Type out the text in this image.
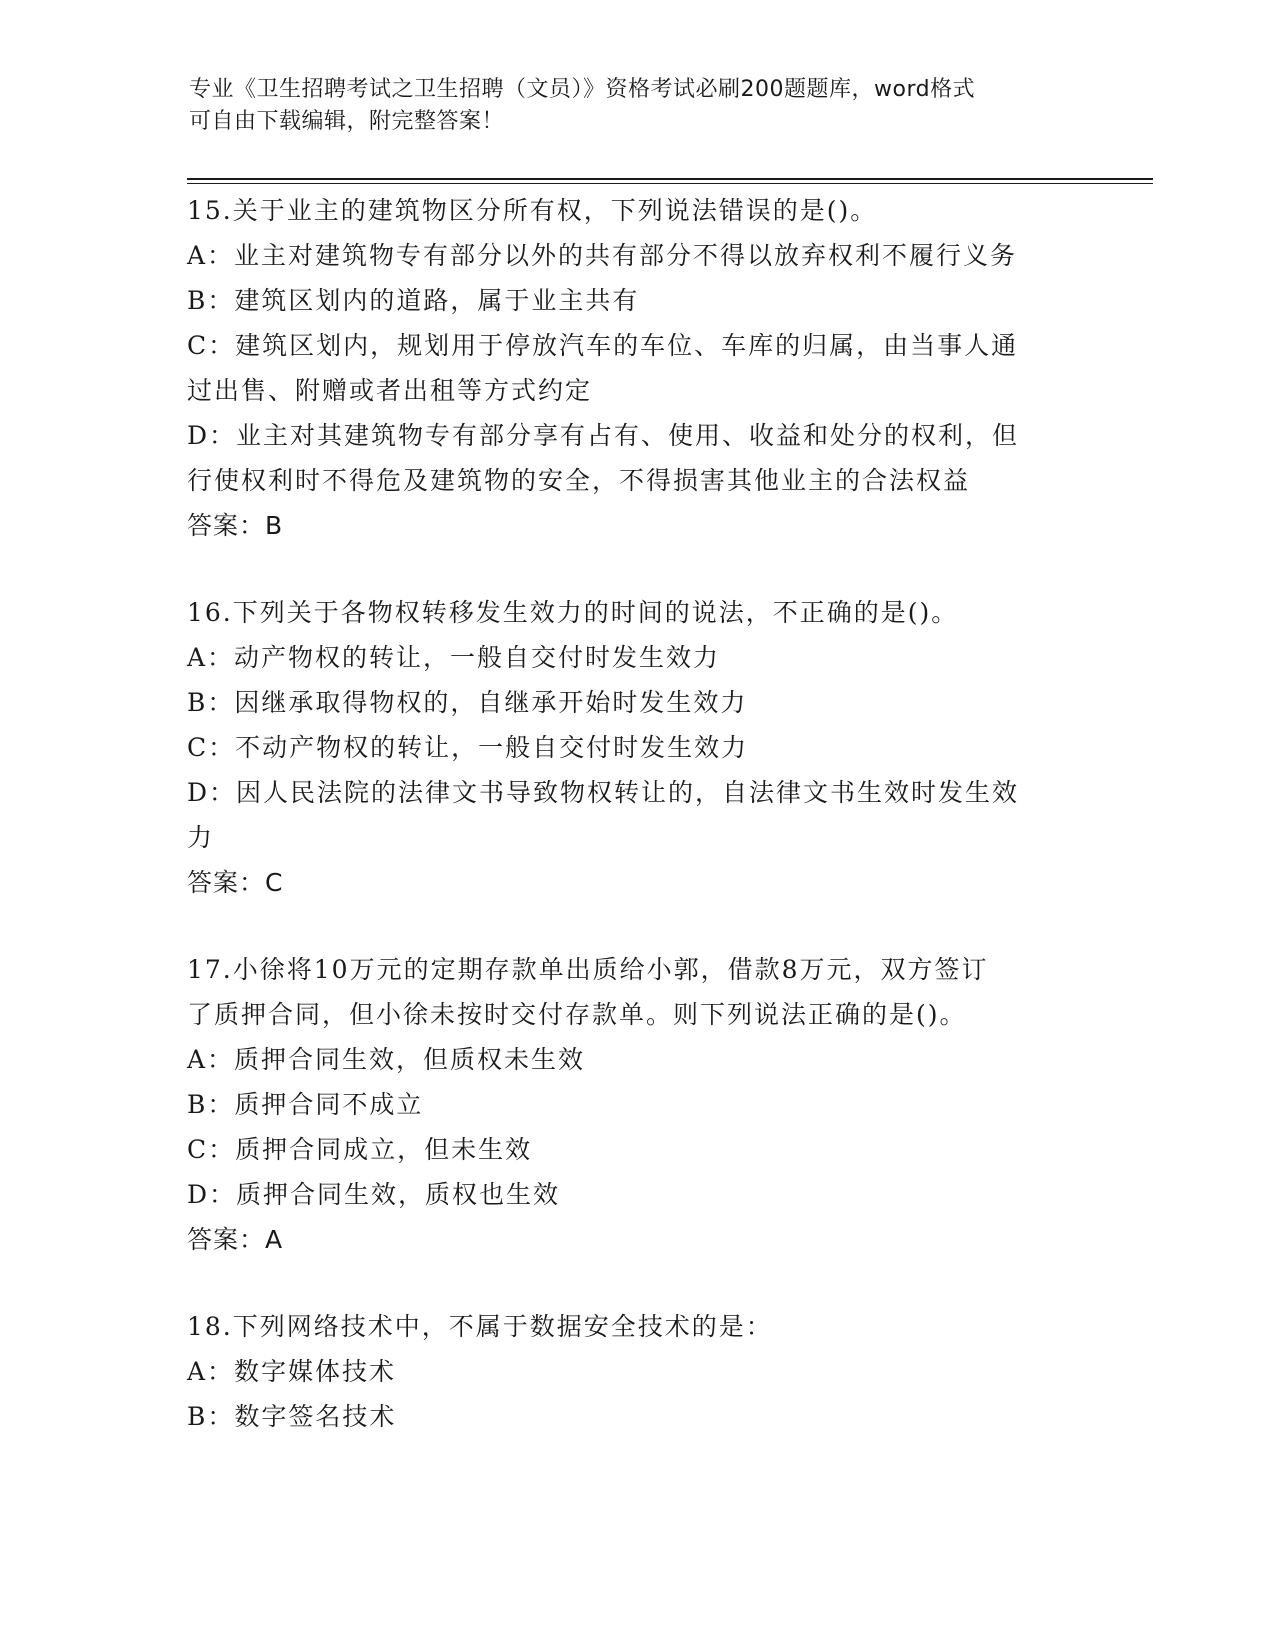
专业《卫生招聘考试之卫生招聘（文员）》资格考试必刷200题题库，word格式

可自由下载编辑，附完整答案！

15.关于业主的建筑物区分所有权，下列说法错误的是()。

A：业主对建筑物专有部分以外的共有部分不得以放弃权利不履行义务

B：建筑区划内的道路，属于业主共有

C：建筑区划内，规划用于停放汽车的车位、车库的归属，由当事人通

过出售、附赠或者出租等方式约定

D：业主对其建筑物专有部分享有占有、使用、收益和处分的权利，但

行使权利时不得危及建筑物的安全，不得损害其他业主的合法权益

答案：B

16.下列关于各物权转移发生效力的时间的说法，不正确的是()。

A：动产物权的转让，一般自交付时发生效力

B：因继承取得物权的，自继承开始时发生效力

C：不动产物权的转让，一般自交付时发生效力

D：因人民法院的法律文书导致物权转让的，自法律文书生效时发生效

力

答案：C

17.小徐将10万元的定期存款单出质给小郭，借款8万元，双方签订

了质押合同，但小徐未按时交付存款单。则下列说法正确的是()。

A：质押合同生效，但质权未生效

B：质押合同不成立

C：质押合同成立，但未生效

D：质押合同生效，质权也生效

答案：A

18.下列网络技术中，不属于数据安全技术的是：

A：数字媒体技术

B：数字签名技术
